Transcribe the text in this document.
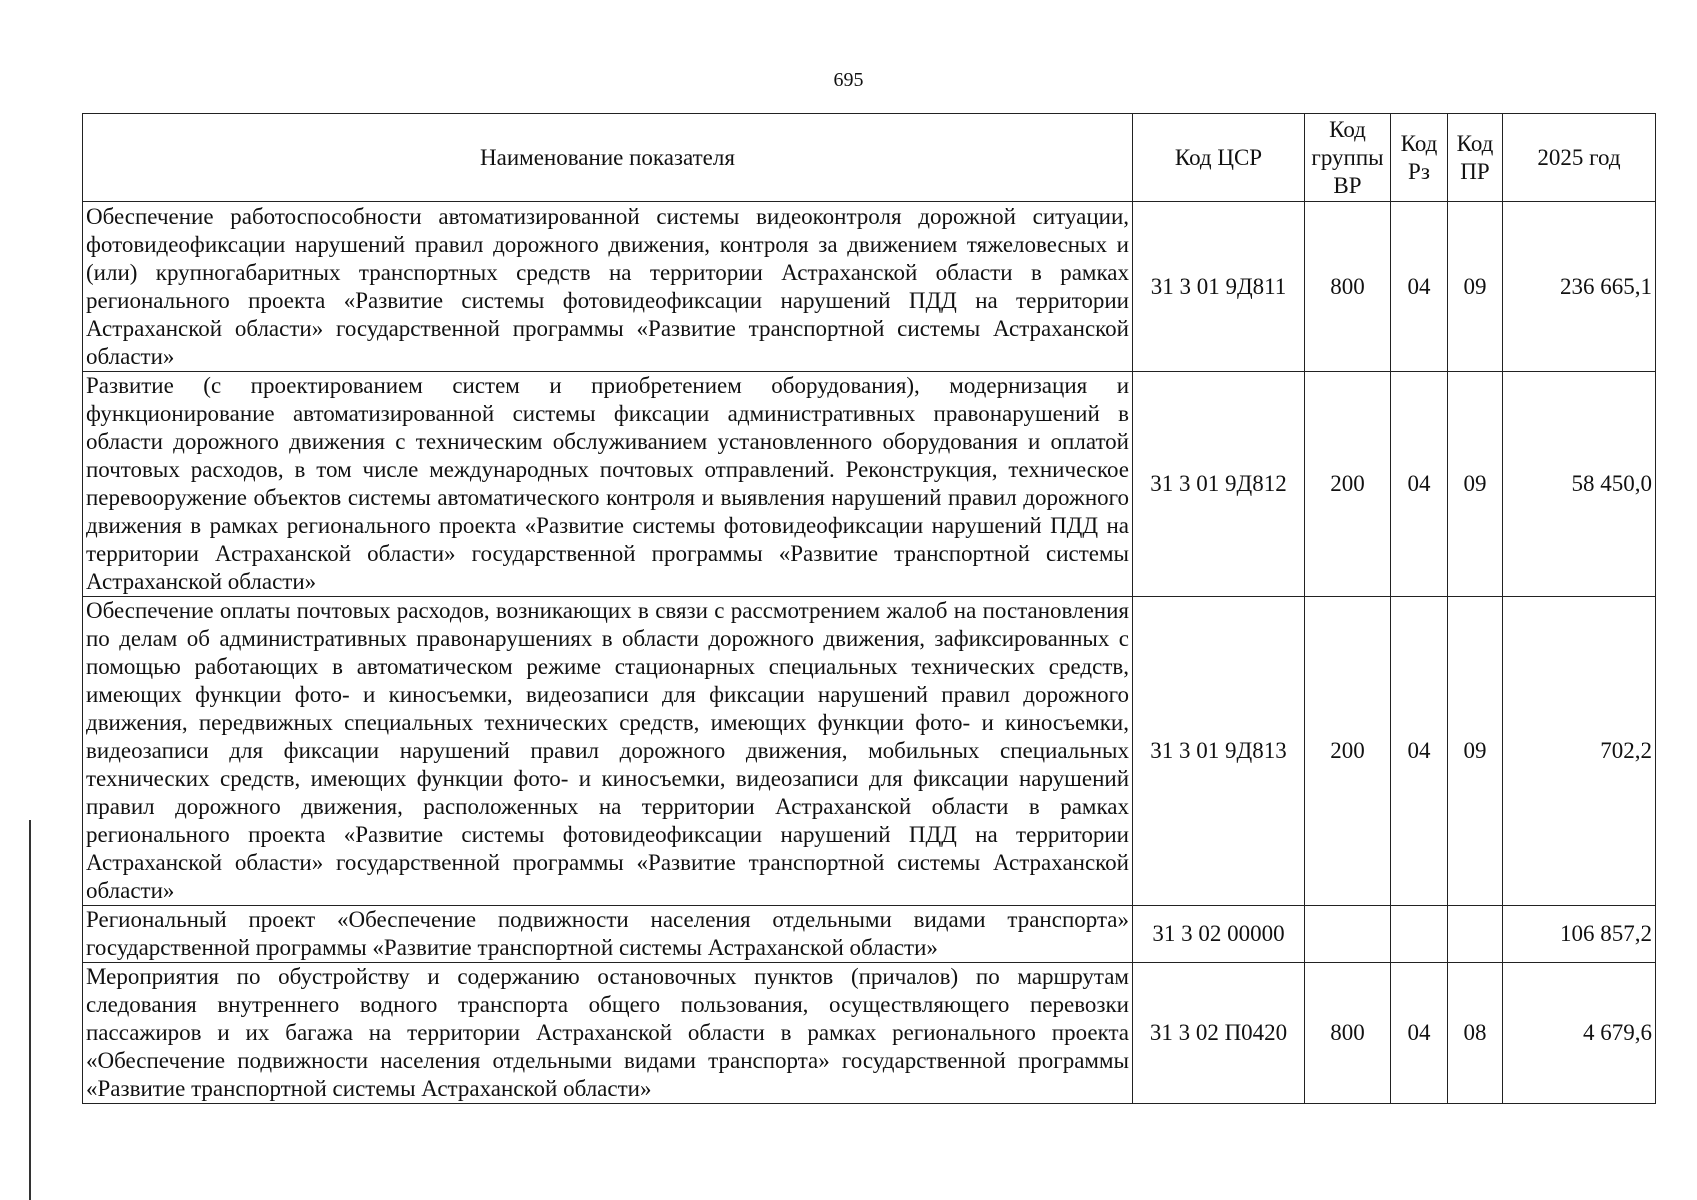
695
Наименование показателя	Код ЦСР	Код группы ВР	Код Рз	Код ПР	2025 год
Обеспечение работоспособности автоматизированной системы видеоконтроля дорожной ситуации, фотовидеофиксации нарушений правил дорожного движения, контроля за движением тяжеловесных и (или) крупногабаритных транспортных средств на территории Астраханской области в рамках регионального проекта «Развитие системы фотовидеофиксации нарушений ПДД на территории Астраханской области» государственной программы «Развитие транспортной системы Астраханской области»	31 3 01 9Д811	800	04	09	236 665,1
Развитие (с проектированием систем и приобретением оборудования), модернизация и функционирование автоматизированной системы фиксации административных правонарушений в области дорожного движения с техническим обслуживанием установленного оборудования и оплатой почтовых расходов, в том числе международных почтовых отправлений. Реконструкция, техническое перевооружение объектов системы автоматического контроля и выявления нарушений правил дорожного движения в рамках регионального проекта «Развитие системы фотовидеофиксации нарушений ПДД на территории Астраханской области» государственной программы «Развитие транспортной системы Астраханской области»	31 3 01 9Д812	200	04	09	58 450,0
Обеспечение оплаты почтовых расходов, возникающих в связи с рассмотрением жалоб на постановления по делам об административных правонарушениях в области дорожного движения, зафиксированных с помощью работающих в автоматическом режиме стационарных специальных технических средств, имеющих функции фото- и киносъемки, видеозаписи для фиксации нарушений правил дорожного движения, передвижных специальных технических средств, имеющих функции фото- и киносъемки, видеозаписи для фиксации нарушений правил дорожного движения, мобильных специальных технических средств, имеющих функции фото- и киносъемки, видеозаписи для фиксации нарушений правил дорожного движения, расположенных на территории Астраханской области в рамках регионального проекта «Развитие системы фотовидеофиксации нарушений ПДД на территории Астраханской области» государственной программы «Развитие транспортной системы Астраханской области»	31 3 01 9Д813	200	04	09	702,2
Региональный проект «Обеспечение подвижности населения отдельными видами транспорта» государственной программы «Развитие транспортной системы Астраханской области»	31 3 02 00000				106 857,2
Мероприятия по обустройству и содержанию остановочных пунктов (причалов) по маршрутам следования внутреннего водного транспорта общего пользования, осуществляющего перевозки пассажиров и их багажа на территории Астраханской области в рамках регионального проекта «Обеспечение подвижности населения отдельными видами транспорта» государственной программы «Развитие транспортной системы Астраханской области»	31 3 02 П0420	800	04	08	4 679,6
